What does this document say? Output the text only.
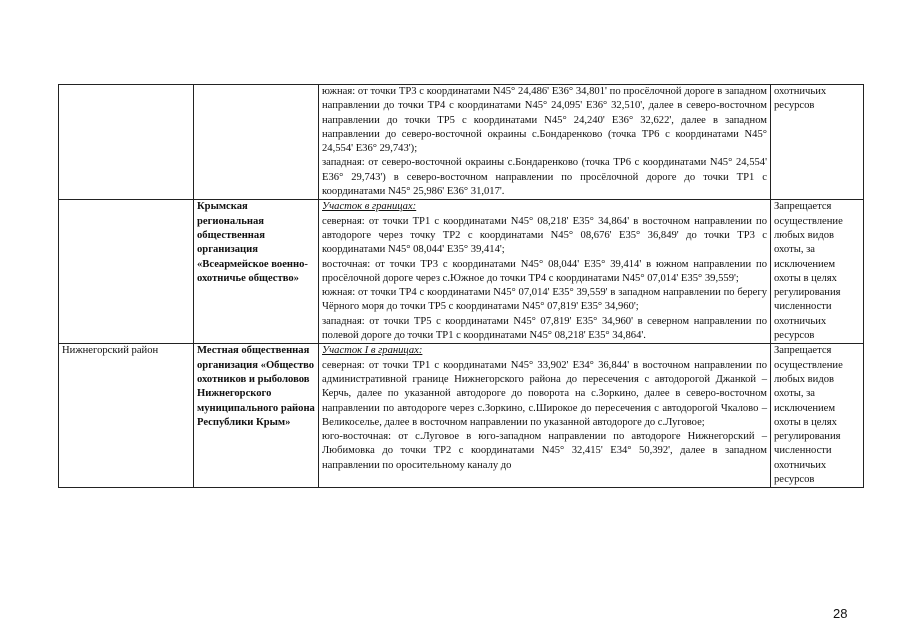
		южная: от точки ТР3 с координатами N45° 24,486' E36° 34,801' по просёлочной дороге в западном направлении до точки ТР4 с координатами N45° 24,095' E36° 32,510', далее в северо-восточном направлении до точки ТР5 с координатами N45° 24,240' E36° 32,622', далее в западном направлении до северо-восточной окраины с.Бондаренково (точка ТР6 с координатами N45° 24,554' E36° 29,743');
западная: от северо-восточной окраины с.Бондаренково (точка ТР6 с координатами N45° 24,554' E36° 29,743') в северо-восточном направлении по просёлочной дороге до точки ТР1 с координатами N45° 25,986' E36° 31,017'.	охотничьих ресурсов
	Крымская региональная общественная организация «Всеармейское военно-охотничье общество»	Участок в границах:
северная: от точки ТР1 с координатами N45° 08,218' E35° 34,864' в восточном направлении по автодороге через точку ТР2 с координатами N45° 08,676' E35° 36,849' до точки ТР3 с координатами N45° 08,044' E35° 39,414';
восточная: от точки ТР3 с координатами N45° 08,044' E35° 39,414' в южном направлении по просёлочной дороге через с.Южное до точки ТР4 с координатами N45° 07,014' E35° 39,559';
южная: от точки ТР4 с координатами N45° 07,014' E35° 39,559' в западном направлении по берегу Чёрного моря до точки ТР5 с координатами N45° 07,819' E35° 34,960';
западная: от точки ТР5 с координатами N45° 07,819' E35° 34,960' в северном направлении по полевой дороге до точки ТР1 с координатами N45° 08,218' E35° 34,864'.	Запрещается осуществление любых видов охоты, за исключением охоты в целях регулирования численности охотничьих ресурсов
Нижнегорский район	Местная общественная организация «Общество охотников и рыболовов Нижнегорского муниципального района Республики Крым»	Участок I в границах:
северная: от точки ТР1 с координатами N45° 33,902' E34° 36,844' в восточном направлении по административной границе Нижнегорского района до пересечения с автодорогой Джанкой – Керчь, далее по указанной автодороге до поворота на с.Зоркино, далее в северо-восточном направлении по автодороге через с.Зоркино, с.Широкое до пересечения с автодорогой Чкалово – Великоселье, далее в восточном направлении по указанной автодороге до с.Луговое;
юго-восточная: от с.Луговое в юго-западном направлении по автодороге Нижнегорский – Любимовка до точки ТР2 с координатами N45° 32,415' E34° 50,392', далее в западном направлении по оросительному каналу до	Запрещается осуществление любых видов охоты, за исключением охоты в целях регулирования численности охотничьих ресурсов
28
